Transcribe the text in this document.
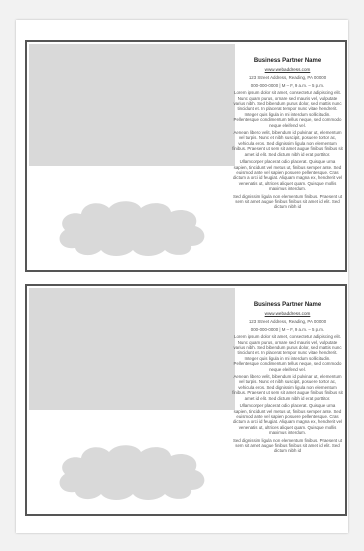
Business Partner Name

www.webaddress.com

123 Street Address, Reading, PA 00000

000-000-0000 | M – F, 9 a.m. – 5 p.m.

Lorem ipsum dolor sit amet, consectetur adipiscing elit. Nunc quam purus, ornare sed mauris vel, vulputate varius nibh. Sed bibendum purus dolor, sed mattis nunc tincidunt et. In placerat tempor nunc vitae hendrerit. Integer quis ligula in mi interdum sollicitudin. Pellentesque condimentum tellus neque, sed commodo neque eleifend vel.

Aenean libero velit, bibendum id pulvinar ut, elementum vel turpis. Nunc et nibh suscipit, posuere tortor ac, vehicula eros. Sed dignissim ligula non elementum finibus. Praesent ut sem sit amet augue finibus finibus sit amet id elit. Sed dictum nibh id erat porttitor.

Ullamcorper placerat odio placerat. Quisque urna sapien, tincidunt vel metus ut, finibus semper ante. Sed euismod ante vel sapien posuere pellentesque. Cras dictum a orci id feugiat. Aliquam magna ex, hendrerit vel venenatis ut, ultrices aliquet quam. Quisque mollis maximus interdum.

Sed dignissim ligula non elementum finibus. Praesent ut sem sit amet augue finibus finibus sit amet id elit. Sed dictum nibh id

Business Partner Name

www.webaddress.com

123 Street Address, Reading, PA 00000

000-000-0000 | M – F, 9 a.m. – 5 p.m.

Lorem ipsum dolor sit amet, consectetur adipiscing elit. Nunc quam purus, ornare sed mauris vel, vulputate varius nibh. Sed bibendum purus dolor, sed mattis nunc tincidunt et. In placerat tempor nunc vitae hendrerit. Integer quis ligula in mi interdum sollicitudin. Pellentesque condimentum tellus neque, sed commodo neque eleifend vel.

Aenean libero velit, bibendum id pulvinar ut, elementum vel turpis. Nunc et nibh suscipit, posuere tortor ac, vehicula eros. Sed dignissim ligula non elementum finibus. Praesent ut sem sit amet augue finibus finibus sit amet id elit. Sed dictum nibh id erat porttitor.

Ullamcorper placerat odio placerat. Quisque urna sapien, tincidunt vel metus ut, finibus semper ante. Sed euismod ante vel sapien posuere pellentesque. Cras dictum a orci id feugiat. Aliquam magna ex, hendrerit vel venenatis ut, ultrices aliquet quam. Quisque mollis maximus interdum.

Sed dignissim ligula non elementum finibus. Praesent ut sem sit amet augue finibus finibus sit amet id elit. Sed dictum nibh id
